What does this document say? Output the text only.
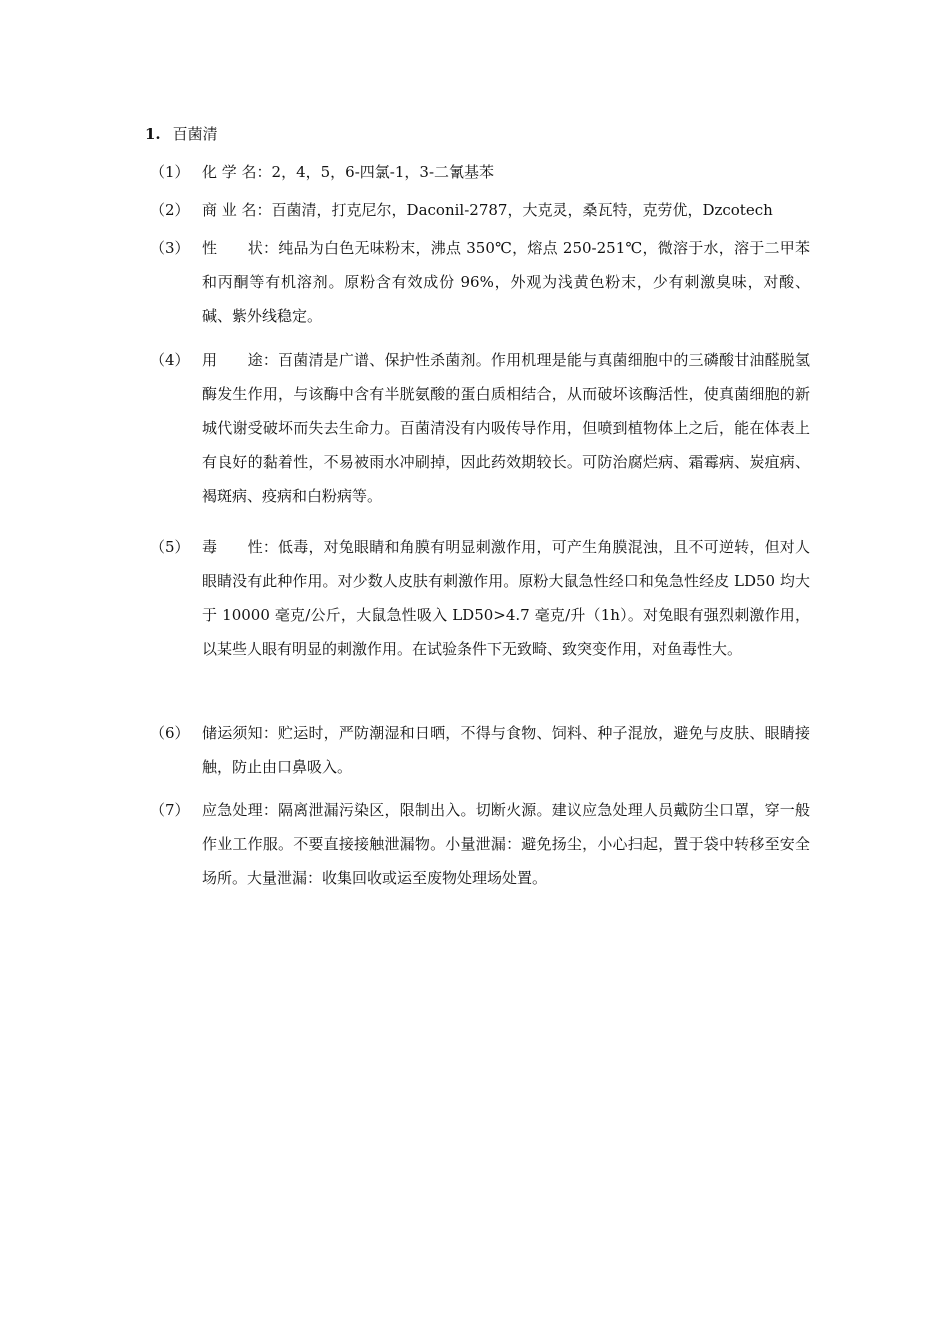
1. 百菌清
（1） 化 学 名：2，4，5，6-四氯-1，3-二氰基苯
（2） 商 业 名：百菌清，打克尼尔，Daconil-2787，大克灵，桑瓦特，克劳优，Dzcotech
（3） 性　　状：纯品为白色无味粉末，沸点 350℃，熔点 250-251℃，微溶于水，溶于二甲苯和丙酮等有机溶剂。原粉含有效成份 96%，外观为浅黄色粉末，少有刺激臭味，对酸、碱、紫外线稳定。
（4） 用　　途：百菌清是广谱、保护性杀菌剂。作用机理是能与真菌细胞中的三磷酸甘油醛脱氢酶发生作用，与该酶中含有半胱氨酸的蛋白质相结合，从而破坏该酶活性，使真菌细胞的新城代谢受破坏而失去生命力。百菌清没有内吸传导作用，但喷到植物体上之后，能在体表上有良好的黏着性，不易被雨水冲刷掉，因此药效期较长。可防治腐烂病、霜霉病、炭疽病、褐斑病、疫病和白粉病等。
（5） 毒　　性：低毒，对兔眼睛和角膜有明显刺激作用，可产生角膜混浊，且不可逆转，但对人眼睛没有此种作用。对少数人皮肤有刺激作用。原粉大鼠急性经口和兔急性经皮 LD50 均大于 10000 毫克/公斤，大鼠急性吸入 LD50>4.7 毫克/升（1h）。对兔眼有强烈刺激作用，以某些人眼有明显的刺激作用。在试验条件下无致畸、致突变作用，对鱼毒性大。
（6） 储运须知：贮运时，严防潮湿和日晒，不得与食物、饲料、种子混放，避免与皮肤、眼睛接触，防止由口鼻吸入。
（7） 应急处理：隔离泄漏污染区，限制出入。切断火源。建议应急处理人员戴防尘口罩，穿一般作业工作服。不要直接接触泄漏物。小量泄漏：避免扬尘，小心扫起，置于袋中转移至安全场所。大量泄漏：收集回收或运至废物处理场处置。
